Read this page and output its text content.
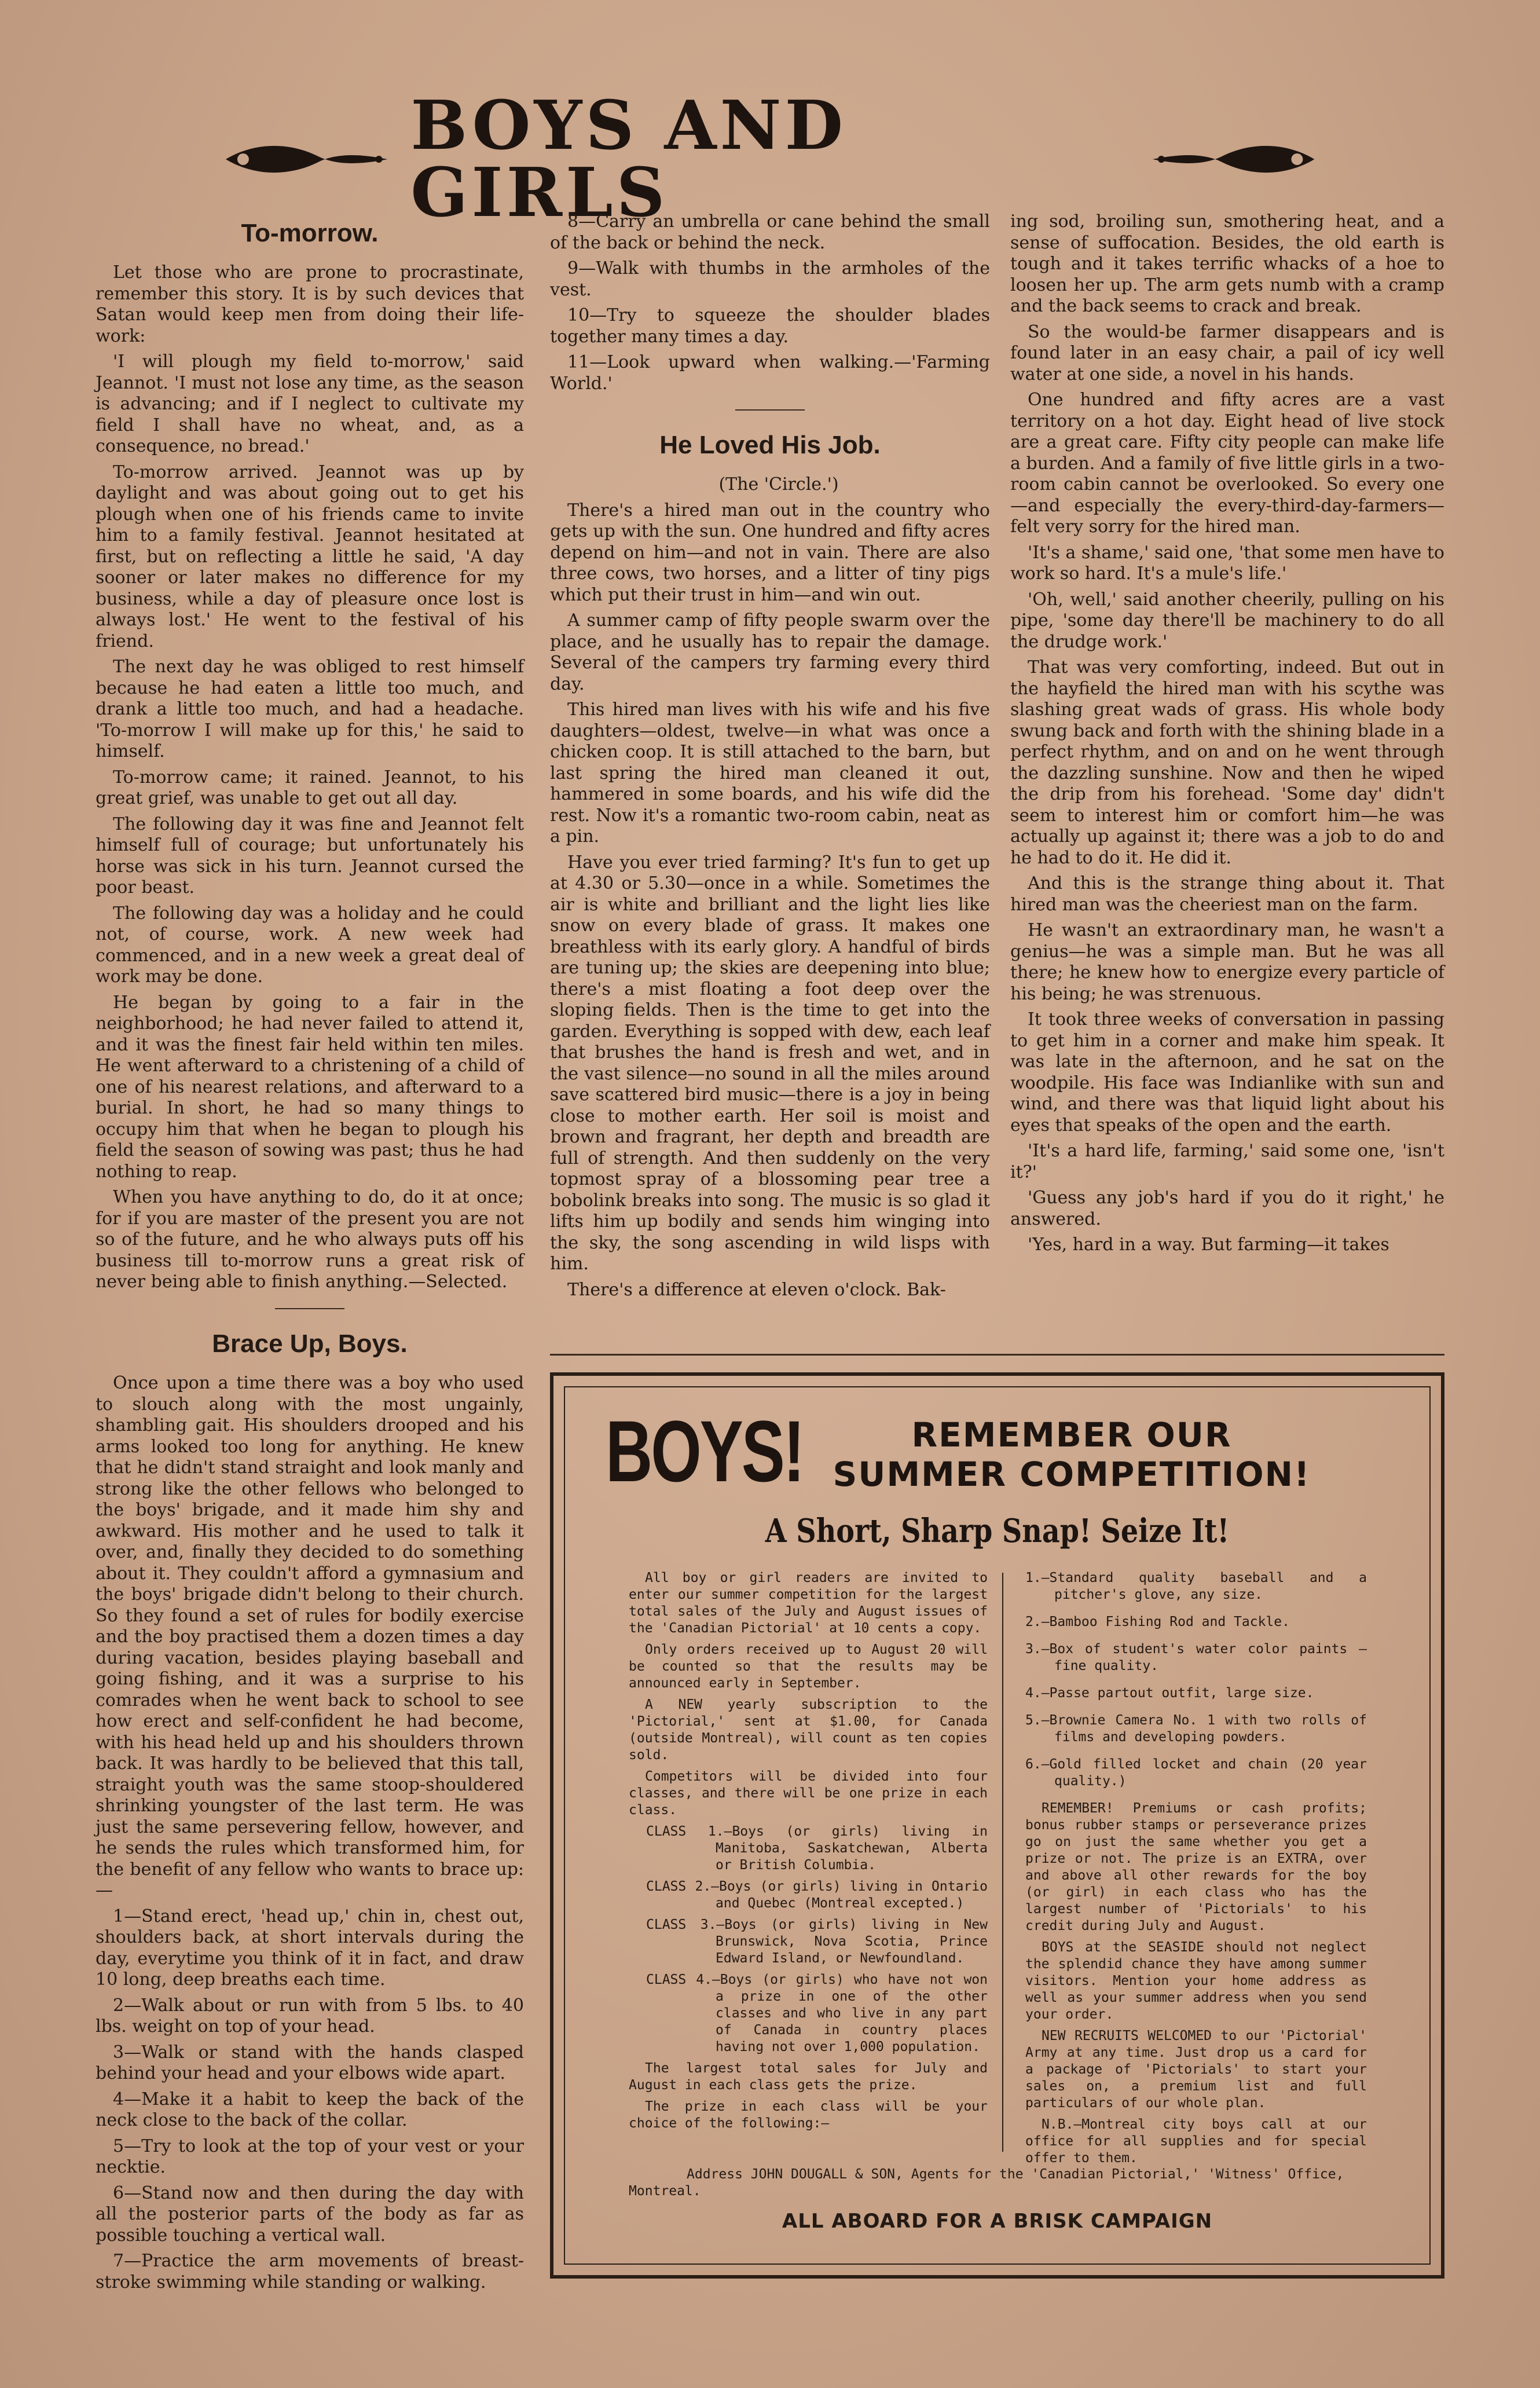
BOYS AND GIRLS
To-morrow.

Let those who are prone to procrastinate, remember this story. It is by such devices that Satan would keep men from doing their life-work:

'I will plough my field to-morrow,' said Jeannot. 'I must not lose any time, as the season is advancing; and if I neglect to cultivate my field I shall have no wheat, and, as a consequence, no bread.'

To-morrow arrived. Jeannot was up by daylight and was about going out to get his plough when one of his friends came to invite him to a family festival. Jeannot hesitated at first, but on reflecting a little he said, 'A day sooner or later makes no difference for my business, while a day of pleasure once lost is always lost.' He went to the festival of his friend.

The next day he was obliged to rest himself because he had eaten a little too much, and drank a little too much, and had a headache. 'To-morrow I will make up for this,' he said to himself.

To-morrow came; it rained. Jeannot, to his great grief, was unable to get out all day.

The following day it was fine and Jeannot felt himself full of courage; but unfortunately his horse was sick in his turn. Jeannot cursed the poor beast.

The following day was a holiday and he could not, of course, work. A new week had commenced, and in a new week a great deal of work may be done.

He began by going to a fair in the neighborhood; he had never failed to attend it, and it was the finest fair held within ten miles. He went afterward to a christening of a child of one of his nearest relations, and afterward to a burial. In short, he had so many things to occupy him that when he began to plough his field the season of sowing was past; thus he had nothing to reap.

When you have anything to do, do it at once; for if you are master of the present you are not so of the future, and he who always puts off his business till to-morrow runs a great risk of never being able to finish anything.—Selected.

Brace Up, Boys.

Once upon a time there was a boy who used to slouch along with the most ungainly, shambling gait. His shoulders drooped and his arms looked too long for anything. He knew that he didn't stand straight and look manly and strong like the other fellows who belonged to the boys' brigade, and it made him shy and awkward. His mother and he used to talk it over, and, finally they decided to do something about it. They couldn't afford a gymnasium and the boys' brigade didn't belong to their church. So they found a set of rules for bodily exercise and the boy practised them a dozen times a day during vacation, besides playing baseball and going fishing, and it was a surprise to his comrades when he went back to school to see how erect and self-confident he had become, with his head held up and his shoulders thrown back. It was hardly to be believed that this tall, straight youth was the same stoop-shouldered shrinking youngster of the last term. He was just the same persevering fellow, however, and he sends the rules which transformed him, for the benefit of any fellow who wants to brace up:—

1—Stand erect, 'head up,' chin in, chest out, shoulders back, at short intervals during the day, everytime you think of it in fact, and draw 10 long, deep breaths each time.

2—Walk about or run with from 5 lbs. to 40 lbs. weight on top of your head.

3—Walk or stand with the hands clasped behind your head and your elbows wide apart.

4—Make it a habit to keep the back of the neck close to the back of the collar.

5—Try to look at the top of your vest or your necktie.

6—Stand now and then during the day with all the posterior parts of the body as far as possible touching a vertical wall.

7—Practice the arm movements of breast-stroke swimming while standing or walking.

8—Carry an umbrella or cane behind the small of the back or behind the neck.

9—Walk with thumbs in the armholes of the vest.

10—Try to squeeze the shoulder blades together many times a day.

11—Look upward when walking.—'Farming World.'

He Loved His Job.

(The 'Circle.')

There's a hired man out in the country who gets up with the sun. One hundred and fifty acres depend on him—and not in vain. There are also three cows, two horses, and a litter of tiny pigs which put their trust in him—and win out.

A summer camp of fifty people swarm over the place, and he usually has to repair the damage. Several of the campers try farming every third day.

This hired man lives with his wife and his five daughters—oldest, twelve—in what was once a chicken coop. It is still attached to the barn, but last spring the hired man cleaned it out, hammered in some boards, and his wife did the rest. Now it's a romantic two-room cabin, neat as a pin.

Have you ever tried farming? It's fun to get up at 4.30 or 5.30—once in a while. Sometimes the air is white and brilliant and the light lies like snow on every blade of grass. It makes one breathless with its early glory. A handful of birds are tuning up; the skies are deepening into blue; there's a mist floating a foot deep over the sloping fields. Then is the time to get into the garden. Everything is sopped with dew, each leaf that brushes the hand is fresh and wet, and in the vast silence—no sound in all the miles around save scattered bird music—there is a joy in being close to mother earth. Her soil is moist and brown and fragrant, her depth and breadth are full of strength. And then suddenly on the very topmost spray of a blossoming pear tree a bobolink breaks into song. The music is so glad it lifts him up bodily and sends him winging into the sky, the song ascending in wild lisps with him.

There's a difference at eleven o'clock. Bak-

ing sod, broiling sun, smothering heat, and a sense of suffocation. Besides, the old earth is tough and it takes terrific whacks of a hoe to loosen her up. The arm gets numb with a cramp and the back seems to crack and break.

So the would-be farmer disappears and is found later in an easy chair, a pail of icy well water at one side, a novel in his hands.

One hundred and fifty acres are a vast territory on a hot day. Eight head of live stock are a great care. Fifty city people can make life a burden. And a family of five little girls in a two-room cabin cannot be overlooked. So every one—and especially the every-third-day-farmers—felt very sorry for the hired man.

'It's a shame,' said one, 'that some men have to work so hard. It's a mule's life.'

'Oh, well,' said another cheerily, pulling on his pipe, 'some day there'll be machinery to do all the drudge work.'

That was very comforting, indeed. But out in the hayfield the hired man with his scythe was slashing great wads of grass. His whole body swung back and forth with the shining blade in a perfect rhythm, and on and on he went through the dazzling sunshine. Now and then he wiped the drip from his forehead. 'Some day' didn't seem to interest him or comfort him—he was actually up against it; there was a job to do and he had to do it. He did it.

And this is the strange thing about it. That hired man was the cheeriest man on the farm.

He wasn't an extraordinary man, he wasn't a genius—he was a simple man. But he was all there; he knew how to energize every particle of his being; he was strenuous.

It took three weeks of conversation in passing to get him in a corner and make him speak. It was late in the afternoon, and he sat on the woodpile. His face was Indianlike with sun and wind, and there was that liquid light about his eyes that speaks of the open and the earth.

'It's a hard life, farming,' said some one, 'isn't it?'

'Guess any job's hard if you do it right,' he answered.

'Yes, hard in a way. But farming—it takes

BOYS!	REMEMBER OUR
SUMMER COMPETITION!
A Short, Sharp Snap! Seize It!

All boy or girl readers are invited to enter our summer competition for the largest total sales of the July and August issues of the 'Canadian Pictorial' at 10 cents a copy.

Only orders received up to August 20 will be counted so that the results may be announced early in September.

A NEW yearly subscription to the 'Pictorial,' sent at $1.00, for Canada (outside Montreal), will count as ten copies sold.

Competitors will be divided into four classes, and there will be one prize in each class.

CLASS 1.—Boys (or girls) living in Manitoba, Saskatchewan, Alberta or British Columbia.

CLASS 2.—Boys (or girls) living in Ontario and Quebec (Montreal excepted.)

CLASS 3.—Boys (or girls) living in New Brunswick, Nova Scotia, Prince Edward Island, or Newfoundland.

CLASS 4.—Boys (or girls) who have not won a prize in one of the other classes and who live in any part of Canada in country places having not over 1,000 population.

The largest total sales for July and August in each class gets the prize.

The prize in each class will be your choice of the following:—

1.—Standard quality baseball and a pitcher's glove, any size.

2.—Bamboo Fishing Rod and Tackle.

3.—Box of student's water color paints —fine quality.

4.—Passe partout outfit, large size.

5.—Brownie Camera No. 1 with two rolls of films and developing powders.

6.—Gold filled locket and chain (20 year quality.)

REMEMBER! Premiums or cash profits; bonus rubber stamps or perseverance prizes go on just the same whether you get a prize or not. The prize is an EXTRA, over and above all other rewards for the boy (or girl) in each class who has the largest number of 'Pictorials' to his credit during July and August.

BOYS at the SEASIDE should not neglect the splendid chance they have among summer visitors. Mention your home address as well as your summer address when you send your order.

NEW RECRUITS WELCOMED to our 'Pictorial' Army at any time. Just drop us a card for a package of 'Pictorials' to start your sales on, a premium list and full particulars of our whole plan.

N.B.—Montreal city boys call at our office for all supplies and for special offer to them.

Address JOHN DOUGALL & SON, Agents for the 'Canadian Pictorial,' 'Witness' Office, Montreal.
ALL ABOARD FOR A BRISK CAMPAIGN
